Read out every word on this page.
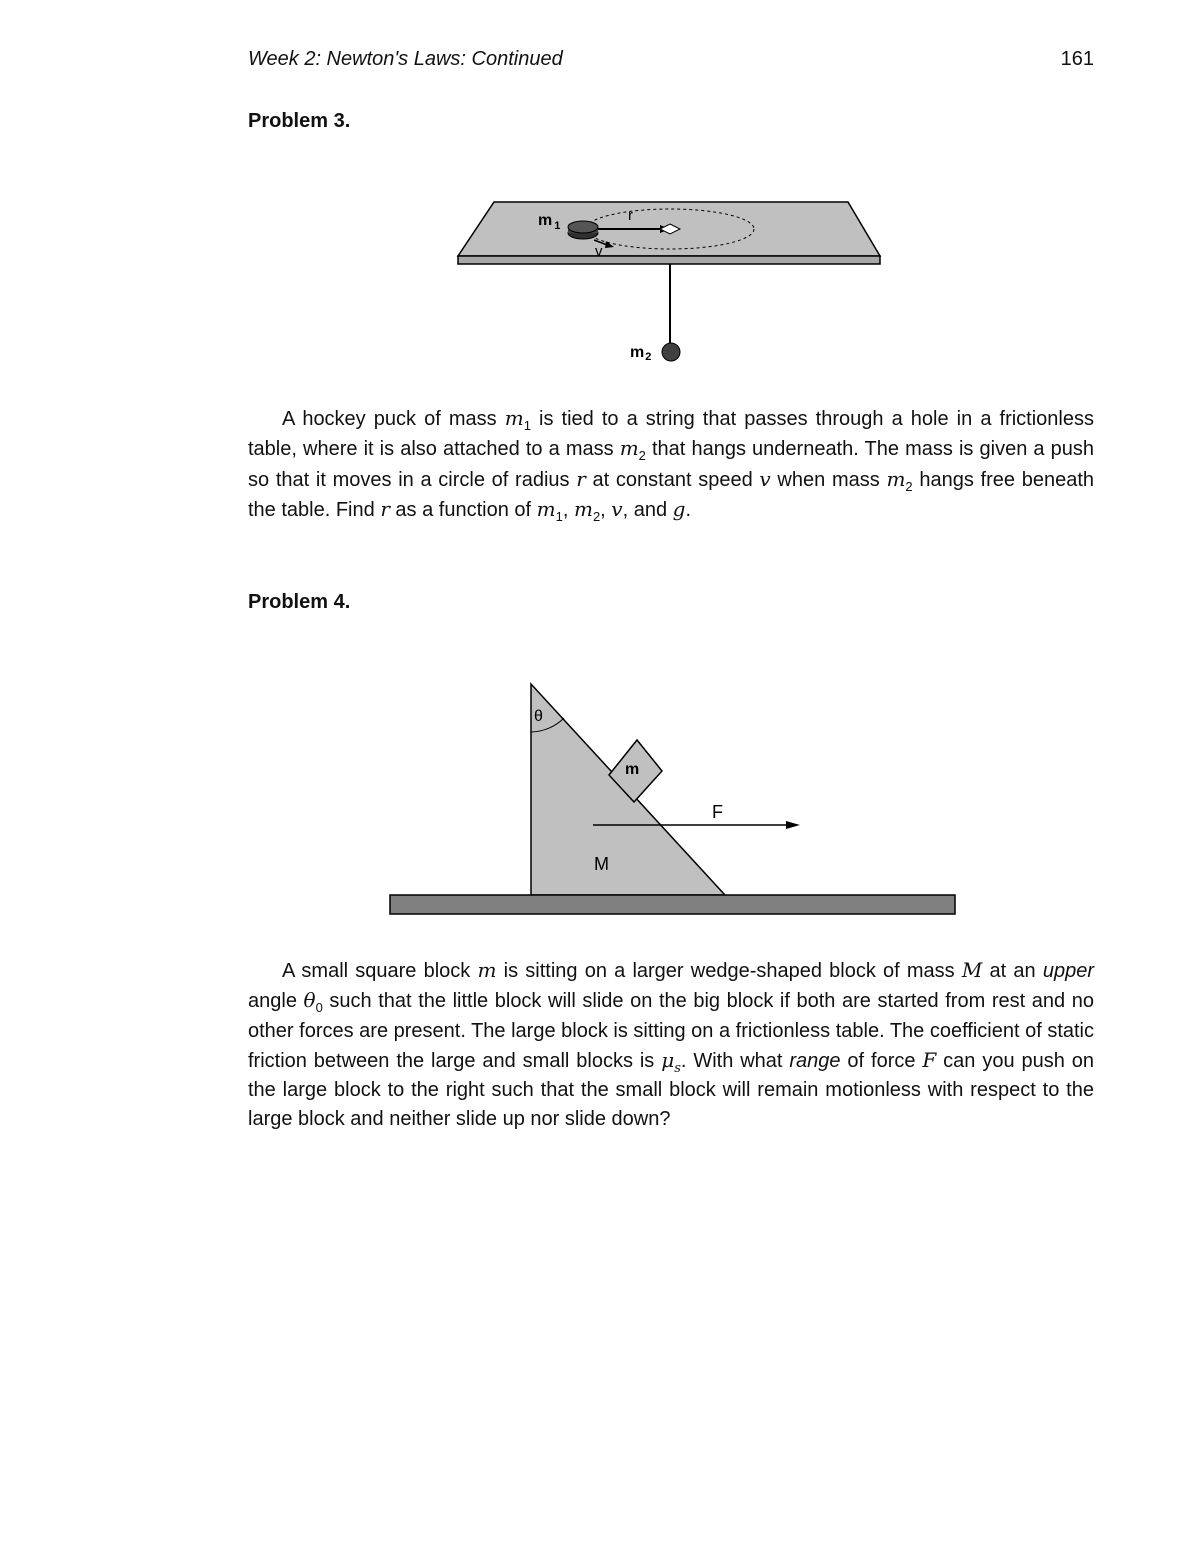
Week 2: Newton's Laws: Continued	161
Problem 3.
m $_1$
r
v
m2

A hockey puck of mass $m_1$ is tied to a string that passes through a hole in a frictionless table, where it is also attached to a mass $m_2$ that hangs underneath. The mass is given a push so that it moves in a circle of radius r at constant speed v when mass $m_2$ hangs free beneath the table. Find r as a function of $m_1$, $m_2$, v, and g.

Problem 4.
θ
m
F
M

A small square block m is sitting on a larger wedge-shaped block of mass M at an upper angle $\theta_0$ such that the little block will slide on the big block if both are started from rest and no other forces are present. The large block is sitting on a frictionless table. The coefficient of static friction between the large and small blocks is $\mu_s$. With what range of force F can you push on the large block to the right such that the small block will remain motionless with respect to the large block and neither slide up nor slide down?
